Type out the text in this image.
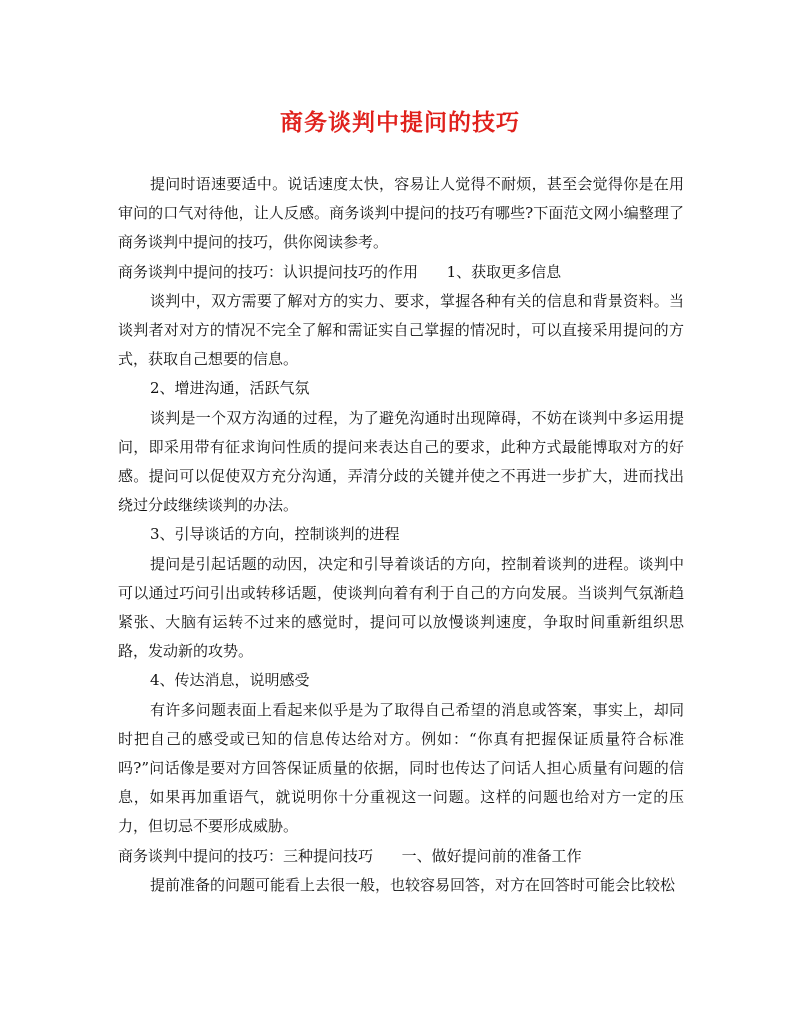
商务谈判中提问的技巧

提问时语速要适中。说话速度太快，容易让人觉得不耐烦，甚至会觉得你是在用审问的口气对待他，让人反感。商务谈判中提问的技巧有哪些?下面范文网小编整理了商务谈判中提问的技巧，供你阅读参考。

商务谈判中提问的技巧：认识提问技巧的作用      1、获取更多信息

谈判中，双方需要了解对方的实力、要求，掌握各种有关的信息和背景资料。当谈判者对对方的情况不完全了解和需证实自己掌握的情况时，可以直接采用提问的方式，获取自己想要的信息。

2、增进沟通，活跃气氛

谈判是一个双方沟通的过程，为了避免沟通时出现障碍，不妨在谈判中多运用提问，即采用带有征求询问性质的提问来表达自己的要求，此种方式最能博取对方的好感。提问可以促使双方充分沟通，弄清分歧的关键并使之不再进一步扩大，进而找出绕过分歧继续谈判的办法。

3、引导谈话的方向，控制谈判的进程

提问是引起话题的动因，决定和引导着谈话的方向，控制着谈判的进程。谈判中可以通过巧问引出或转移话题，使谈判向着有利于自己的方向发展。当谈判气氛渐趋紧张、大脑有运转不过来的感觉时，提问可以放慢谈判速度，争取时间重新组织思路，发动新的攻势。

4、传达消息，说明感受

有许多问题表面上看起来似乎是为了取得自己希望的消息或答案，事实上，却同时把自己的感受或已知的信息传达给对方。例如：“你真有把握保证质量符合标准吗?”问话像是要对方回答保证质量的依据，同时也传达了问话人担心质量有问题的信息，如果再加重语气，就说明你十分重视这一问题。这样的问题也给对方一定的压力，但切忌不要形成威胁。

商务谈判中提问的技巧：三种提问技巧      一、做好提问前的准备工作

提前准备的问题可能看上去很一般，也较容易回答，对方在回答时可能会比较松
